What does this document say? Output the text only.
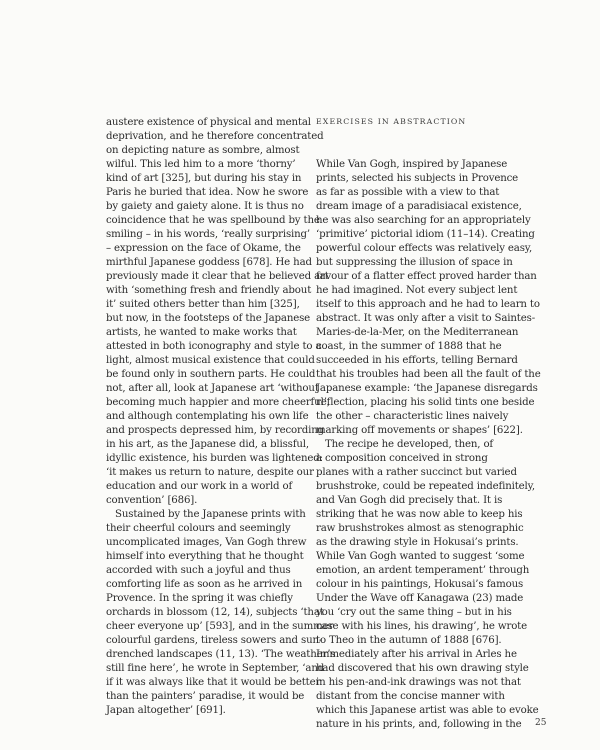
austere existence of physical and mental
deprivation, and he therefore concentrated
on depicting nature as sombre, almost
wilful. This led him to a more ‘thorny’
kind of art [325], but during his stay in
Paris he buried that idea. Now he swore
by gaiety and gaiety alone. It is thus no
coincidence that he was spellbound by the
smiling – in his words, ‘really surprising’
– expression on the face of Okame, the
mirthful Japanese goddess [678]. He had
previously made it clear that he believed art
with ‘something fresh and friendly about
it’ suited others better than him [325],
but now, in the footsteps of the Japanese
artists, he wanted to make works that
attested in both iconography and style to a
light, almost musical existence that could
be found only in southern parts. He could
not, after all, look at Japanese art ‘without
becoming much happier and more cheerful’,
and although contemplating his own life
and prospects depressed him, by recording
in his art, as the Japanese did, a blissful,
idyllic existence, his burden was lightened:
‘it makes us return to nature, despite our
education and our work in a world of
convention’ [686].
Sustained by the Japanese prints with
their cheerful colours and seemingly
uncomplicated images, Van Gogh threw
himself into everything that he thought
accorded with such a joyful and thus
comforting life as soon as he arrived in
Provence. In the spring it was chiefly
orchards in blossom (12, 14), subjects ‘that
cheer everyone up’ [593], and in the summer
colourful gardens, tireless sowers and sun-
drenched landscapes (11, 13). ‘The weather’s
still fine here’, he wrote in September, ‘and
if it was always like that it would be better
than the painters’ paradise, it would be
Japan altogether’ [691].
EXERCISES IN ABSTRACTION
While Van Gogh, inspired by Japanese
prints, selected his subjects in Provence
as far as possible with a view to that
dream image of a paradisiacal existence,
he was also searching for an appropriately
‘primitive’ pictorial idiom (11–14). Creating
powerful colour effects was relatively easy,
but suppressing the illusion of space in
favour of a flatter effect proved harder than
he had imagined. Not every subject lent
itself to this approach and he had to learn to
abstract. It was only after a visit to Saintes-
Maries-de-la-Mer, on the Mediterranean
coast, in the summer of 1888 that he
succeeded in his efforts, telling Bernard
that his troubles had been all the fault of the
Japanese example: ‘the Japanese disregards
reflection, placing his solid tints one beside
the other – characteristic lines naively
marking off movements or shapes’ [622].
The recipe he developed, then, of
a composition conceived in strong
planes with a rather succinct but varied
brushstroke, could be repeated indefinitely,
and Van Gogh did precisely that. It is
striking that he was now able to keep his
raw brushstrokes almost as stenographic
as the drawing style in Hokusai’s prints.
While Van Gogh wanted to suggest ‘some
emotion, an ardent temperament’ through
colour in his paintings, Hokusai’s famous
Under the Wave off Kanagawa (23) made
you ‘cry out the same thing – but in his
case with his lines, his drawing’, he wrote
to Theo in the autumn of 1888 [676].
Immediately after his arrival in Arles he
had discovered that his own drawing style
in his pen-and-ink drawings was not that
distant from the concise manner with
which this Japanese artist was able to evoke
nature in his prints, and, following in the 25
